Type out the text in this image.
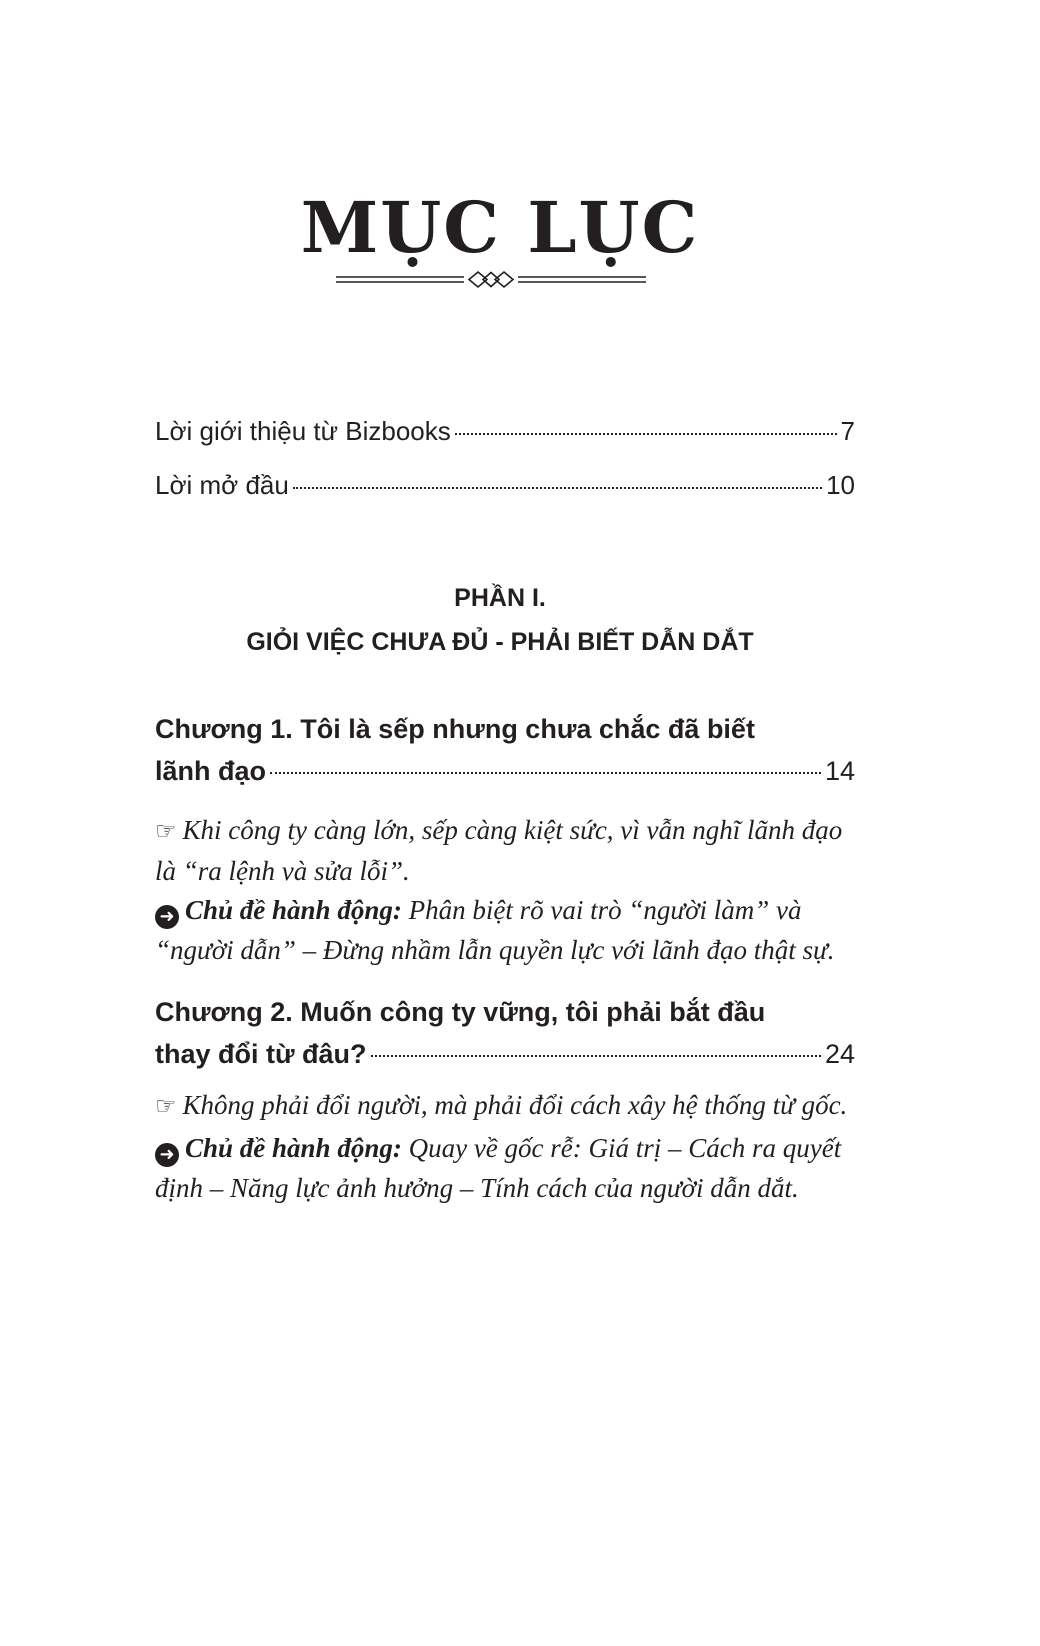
MỤC LỤC
Lời giới thiệu từ Bizbooks	7
Lời mở đầu	10
PHẦN I.
GIỎI VIỆC CHƯA ĐỦ - PHẢI BIẾT DẪN DẮT
Chương 1. Tôi là sếp nhưng chưa chắc đã biết
lãnh đạo	14
☞ Khi công ty càng lớn, sếp càng kiệt sức, vì vẫn nghĩ lãnh đạo là “ra lệnh và sửa lỗi”.
➜ Chủ đề hành động: Phân biệt rõ vai trò “người làm” và “người dẫn” – Đừng nhầm lẫn quyền lực với lãnh đạo thật sự.
Chương 2. Muốn công ty vững, tôi phải bắt đầu
thay đổi từ đâu?	24
☞ Không phải đổi người, mà phải đổi cách xây hệ thống từ gốc.
➜ Chủ đề hành động: Quay về gốc rễ: Giá trị – Cách ra quyết định – Năng lực ảnh hưởng – Tính cách của người dẫn dắt.
